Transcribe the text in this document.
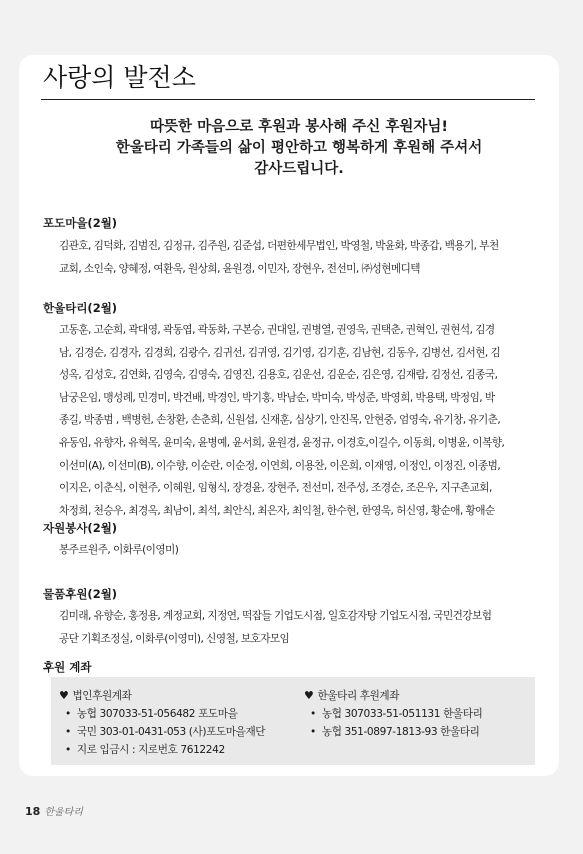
사랑의 발전소
따뜻한 마음으로 후원과 봉사해 주신 후원자님!
한울타리 가족들의 삶이 평안하고 행복하게 후원해 주셔서
감사드립니다.
포도마을(2월)
김관호, 김덕화, 김범진, 김정규, 김주원, 김준섭, 더편한세무법인, 박영철, 박윤화, 박종갑, 백용기, 부천
교회, 소인숙, 양혜정, 여환욱, 원상희, 윤원경, 이민자, 장현우, 전선미, ㈜성현메디텍
한울타리(2월)
고동훈, 고순희, 곽대영, 곽동엽, 곽동화, 구본승, 권대일, 권병열, 권영욱, 권택춘, 권혁인, 권현석, 김경
남, 김경순, 김경자, 김경희, 김광수, 김귀선, 김귀영, 김기영, 김기훈, 김남현, 김동우, 김병선, 김서현, 김
성옥, 김성호, 김연화, 김영숙, 김영숙, 김영진, 김용호, 김운선, 김운순, 김은영, 김재람, 김정선, 김종국,
남궁은임, 맹성례, 민경미, 박건배, 박경인, 박기홍, 박남순, 박미숙, 박성준, 박영희, 박용택, 박정임, 박
종길, 박종범 , 백병헌, 손창환, 손춘희, 신원섭, 신재훈, 심상기, 안진목, 안현중, 엄영숙, 유기창, 유기춘,
유동임, 유향자, 유혁목, 윤미숙, 윤병예, 윤서희, 윤원경, 윤정규, 이경호,이길수, 이동희, 이병윤, 이복향,
이선미(A), 이선미(B), 이수향, 이순란, 이순정, 이연희, 이용찬, 이은희, 이재영, 이정인, 이정진, 이종범,
이지은, 이춘식, 이현주, 이혜원, 임형식, 장경윤, 장현주, 전선미, 전주성, 조경순, 조은우, 지구촌교회,
차정희, 천승우, 최경옥, 최남이, 최석, 최안식, 최은자, 최익철, 한수현, 한영욱, 허신영, 황순애, 황애순
자원봉사(2월)
봉주르원주, 이화루(이영미)
물품후원(2월)
김미래, 유향순, 홍정용, 계정교회, 지정연, 떡잡들 기업도시점, 일호감자탕 기업도시점, 국민건강보험
공단 기획조정실, 이화루(이영미), 신영철, 보호자모임
후원 계좌
♥ 법인후원계좌
• 농협 307033-51-056482 포도마을
• 국민 303-01-0431-053 (사)포도마을재단
• 지로 입금시 : 지로번호 7612242
♥ 한울타리 후원계좌
• 농협 307033-51-051131 한울타리
• 농협 351-0897-1813-93 한울타리
18 한울타리
